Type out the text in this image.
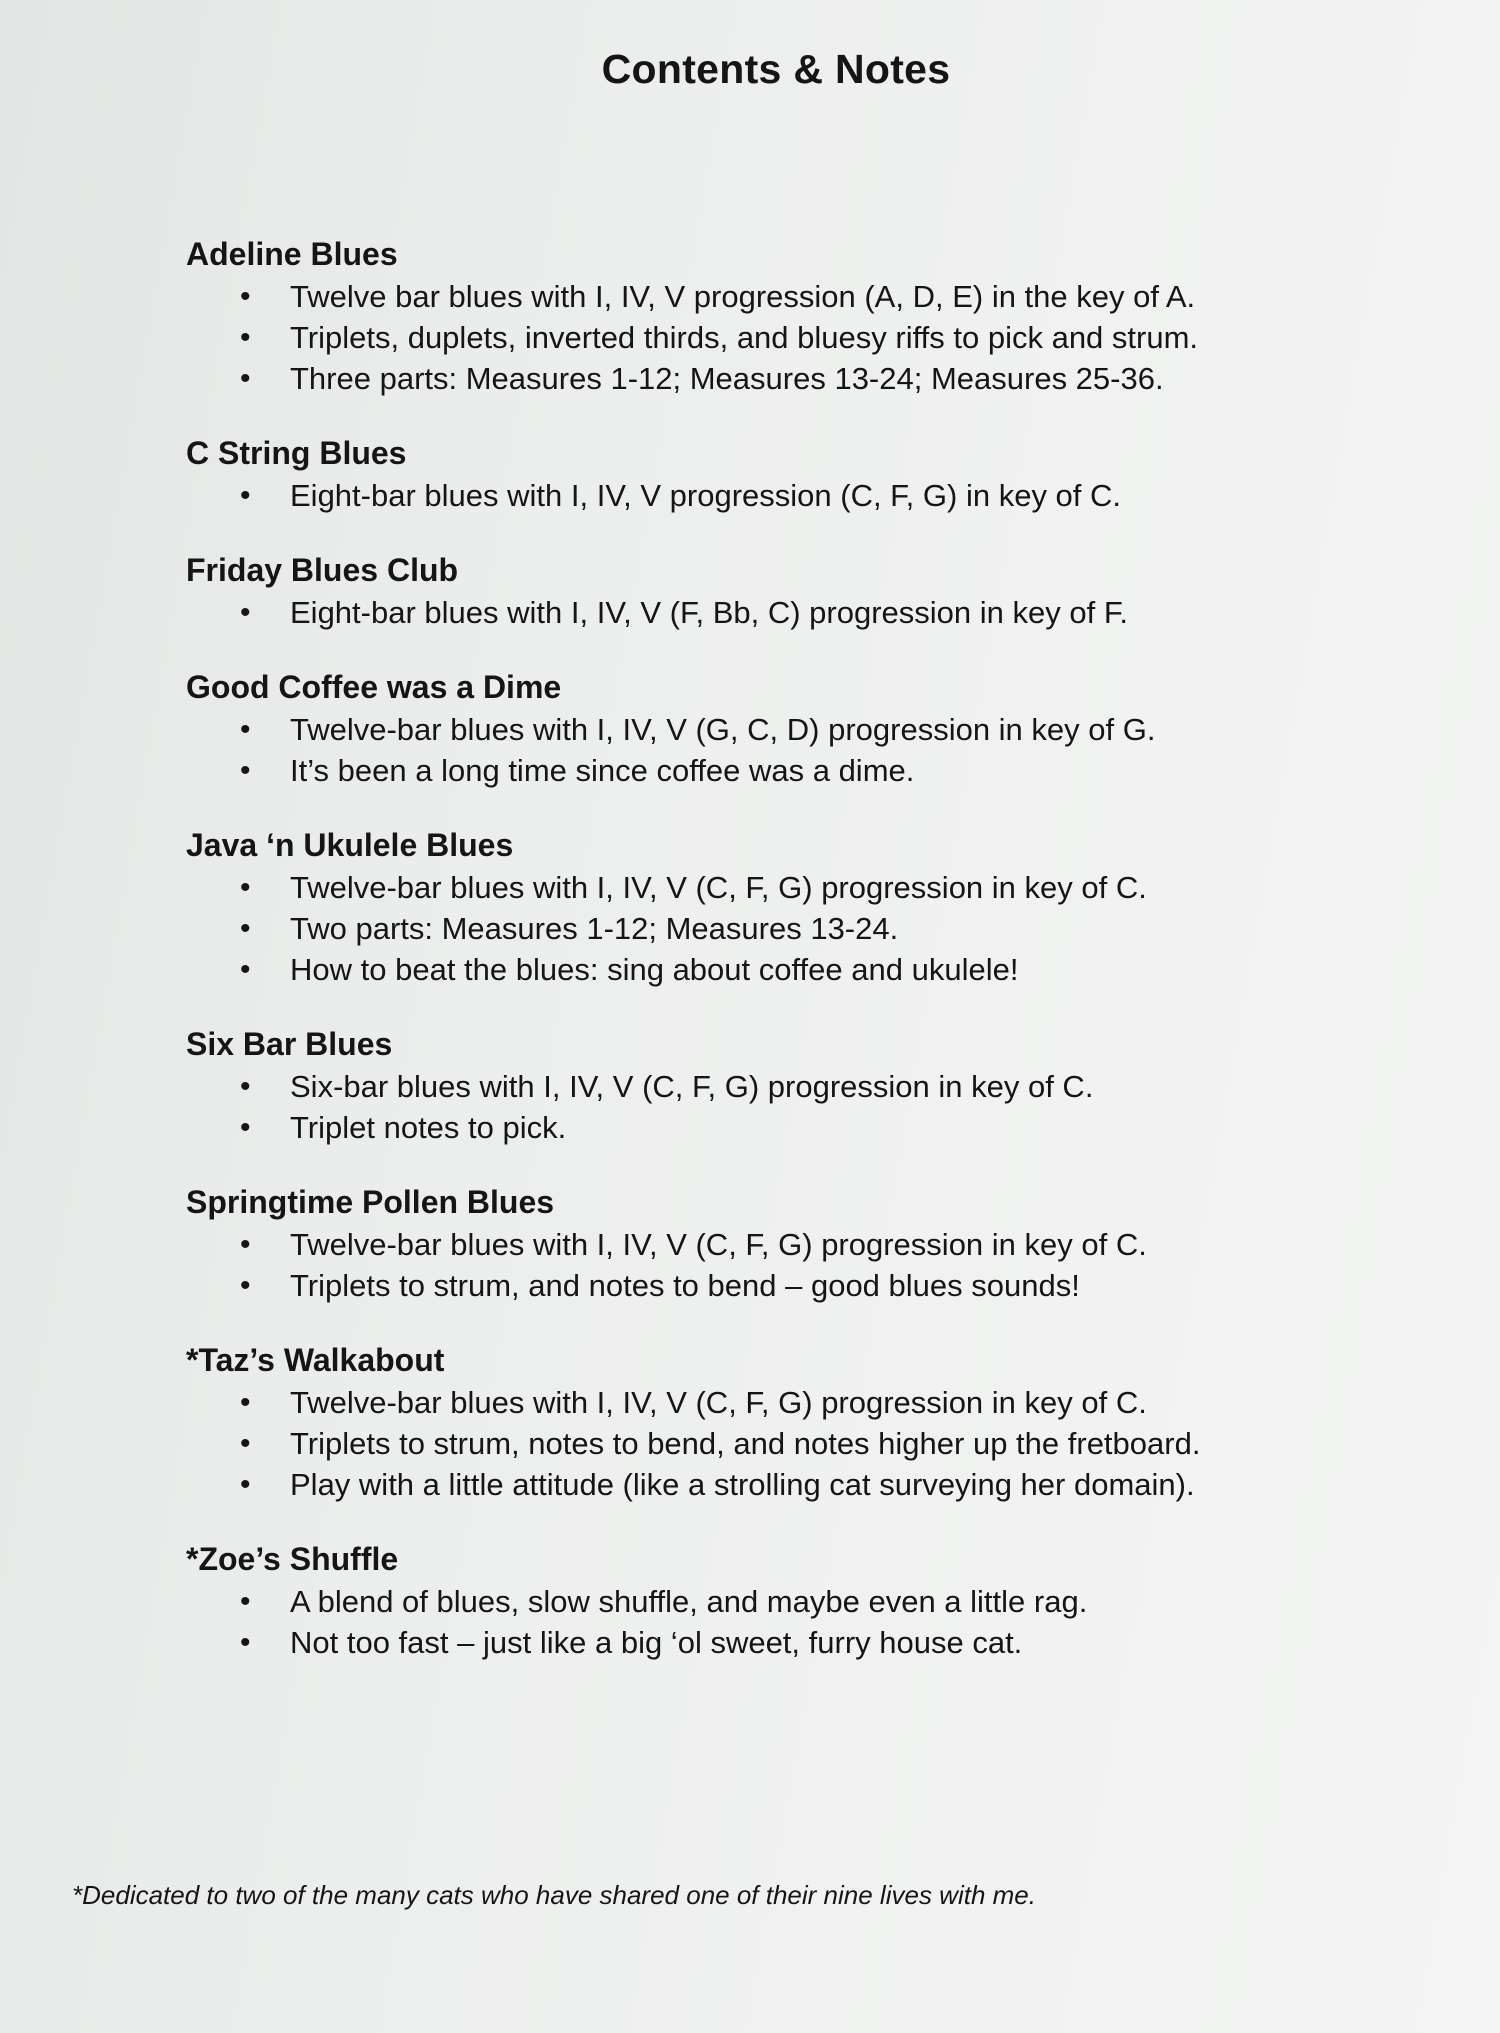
Contents & Notes
Adeline Blues
• Twelve bar blues with I, IV, V progression (A, D, E) in the key of A.
• Triplets, duplets, inverted thirds, and bluesy riffs to pick and strum.
• Three parts: Measures 1-12; Measures 13-24; Measures 25-36.
C String Blues
• Eight-bar blues with I, IV, V progression (C, F, G) in key of C.
Friday Blues Club
• Eight-bar blues with I, IV, V (F, Bb, C) progression in key of F.
Good Coffee was a Dime
• Twelve-bar blues with I, IV, V (G, C, D) progression in key of G.
• It’s been a long time since coffee was a dime.
Java ‘n Ukulele Blues
• Twelve-bar blues with I, IV, V (C, F, G) progression in key of C.
• Two parts: Measures 1-12; Measures 13-24.
• How to beat the blues: sing about coffee and ukulele!
Six Bar Blues
• Six-bar blues with I, IV, V (C, F, G) progression in key of C.
• Triplet notes to pick.
Springtime Pollen Blues
• Twelve-bar blues with I, IV, V (C, F, G) progression in key of C.
• Triplets to strum, and notes to bend – good blues sounds!
*Taz’s Walkabout
• Twelve-bar blues with I, IV, V (C, F, G) progression in key of C.
• Triplets to strum, notes to bend, and notes higher up the fretboard.
• Play with a little attitude (like a strolling cat surveying her domain).
*Zoe’s Shuffle
• A blend of blues, slow shuffle, and maybe even a little rag.
• Not too fast – just like a big ‘ol sweet, furry house cat.
*Dedicated to two of the many cats who have shared one of their nine lives with me.
